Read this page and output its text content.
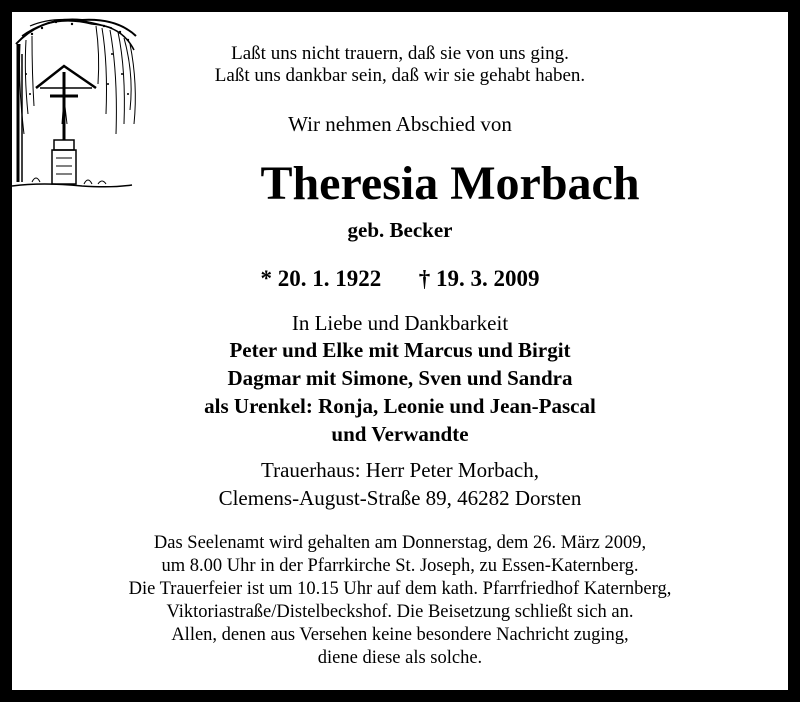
Laßt uns nicht trauern, daß sie von uns ging.
Laßt uns dankbar sein, daß wir sie gehabt haben.
Wir nehmen Abschied von
Theresia Morbach
geb. Becker
* 20. 1. 1922 † 19. 3. 2009
In Liebe und Dankbarkeit
Peter und Elke mit Marcus und Birgit
Dagmar mit Simone, Sven und Sandra
als Urenkel: Ronja, Leonie und Jean-Pascal
und Verwandte
Trauerhaus: Herr Peter Morbach,
Clemens-August-Straße 89, 46282 Dorsten
Das Seelenamt wird gehalten am Donnerstag, dem 26. März 2009,
um 8.00 Uhr in der Pfarrkirche St. Joseph, zu Essen-Katernberg.
Die Trauerfeier ist um 10.15 Uhr auf dem kath. Pfarrfriedhof Katernberg,
Viktoriastraße/Distelbeckshof. Die Beisetzung schließt sich an.
Allen, denen aus Versehen keine besondere Nachricht zuging,
diene diese als solche.
